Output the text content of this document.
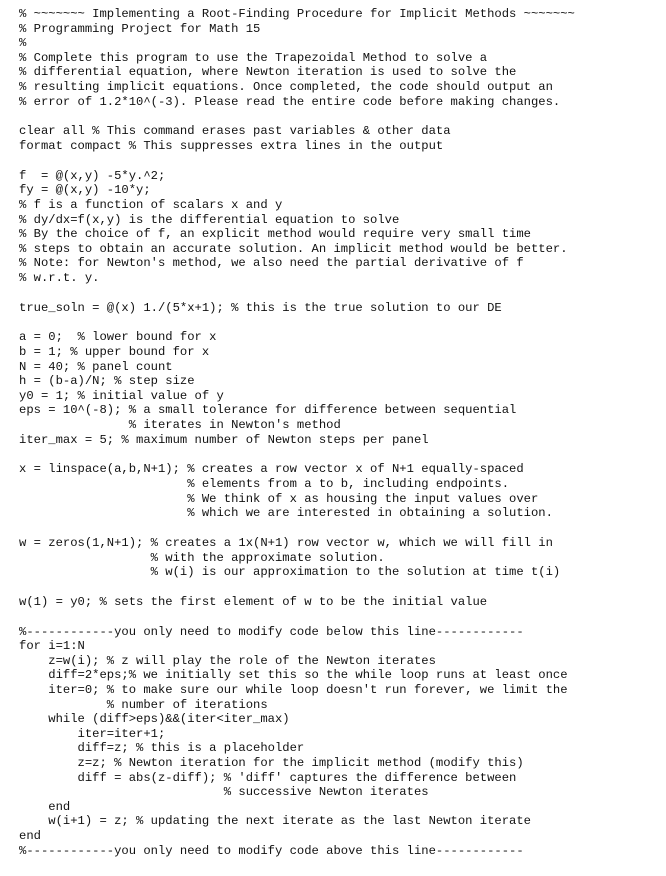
% ~~~~~~~ Implementing a Root-Finding Procedure for Implicit Methods ~~~~~~~
% Programming Project for Math 15
%
% Complete this program to use the Trapezoidal Method to solve a
% differential equation, where Newton iteration is used to solve the
% resulting implicit equations. Once completed, the code should output an
% error of 1.2*10^(-3). Please read the entire code before making changes.
clear all % This command erases past variables & other data
format compact % This suppresses extra lines in the output
f  = @(x,y) -5*y.^2;
fy = @(x,y) -10*y;
% f is a function of scalars x and y
% dy/dx=f(x,y) is the differential equation to solve
% By the choice of f, an explicit method would require very small time
% steps to obtain an accurate solution. An implicit method would be better.
% Note: for Newton's method, we also need the partial derivative of f
% w.r.t. y.
true_soln = @(x) 1./(5*x+1); % this is the true solution to our DE
a = 0;  % lower bound for x
b = 1; % upper bound for x
N = 40; % panel count
h = (b-a)/N; % step size
y0 = 1; % initial value of y
eps = 10^(-8); % a small tolerance for difference between sequential
% iterates in Newton's method
iter_max = 5; % maximum number of Newton steps per panel
x = linspace(a,b,N+1); % creates a row vector x of N+1 equally-spaced
% elements from a to b, including endpoints.
% We think of x as housing the input values over
% which we are interested in obtaining a solution.
w = zeros(1,N+1); % creates a 1x(N+1) row vector w, which we will fill in
% with the approximate solution.
% w(i) is our approximation to the solution at time t(i)
w(1) = y0; % sets the first element of w to be the initial value
%------------you only need to modify code below this line------------
for i=1:N
z=w(i); % z will play the role of the Newton iterates
diff=2*eps;% we initially set this so the while loop runs at least once
iter=0; % to make sure our while loop doesn't run forever, we limit the
% number of iterations
while (diff>eps)&&(iter<iter_max)
iter=iter+1;
diff=z; % this is a placeholder
z=z; % Newton iteration for the implicit method (modify this)
diff = abs(z-diff); % 'diff' captures the difference between
% successive Newton iterates
end
w(i+1) = z; % updating the next iterate as the last Newton iterate
end
%------------you only need to modify code above this line------------
